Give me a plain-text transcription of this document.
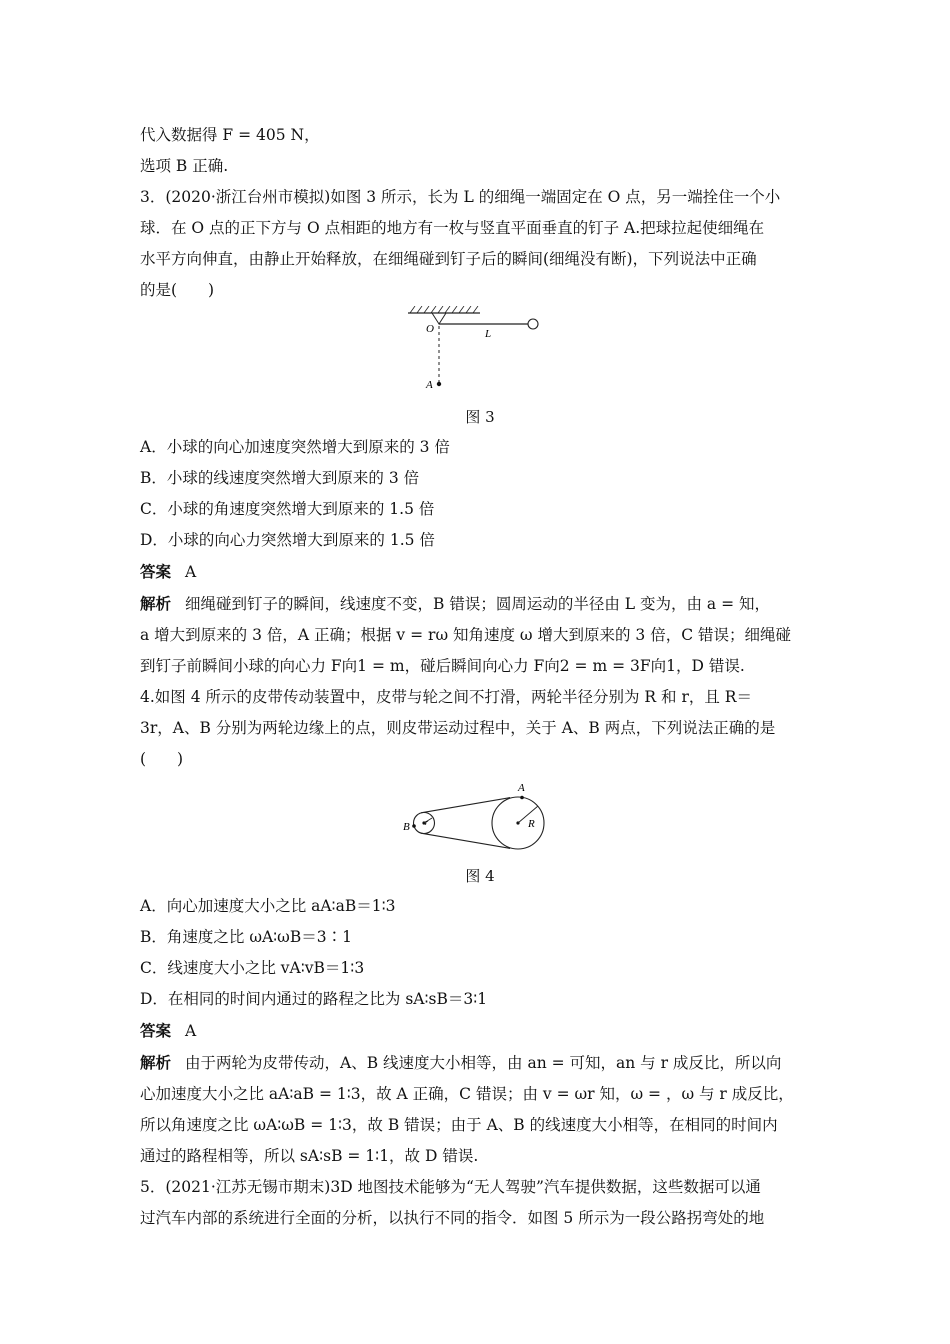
代入数据得 F = 405 N，
选项 B 正确.
3．(2020·浙江台州市模拟)如图 3 所示，长为 L 的细绳一端固定在 O 点，另一端拴住一个小
球．在 O 点的正下方与 O 点相距的地方有一枚与竖直平面垂直的钉子 A.把球拉起使细绳在
水平方向伸直，由静止开始释放，在细绳碰到钉子后的瞬间(细绳没有断)，下列说法中正确
的是(　　)
O	L
A
图 3
A．小球的向心加速度突然增大到原来的 3 倍
B．小球的线速度突然增大到原来的 3 倍
C．小球的角速度突然增大到原来的 1.5 倍
D．小球的向心力突然增大到原来的 1.5 倍
答案 A
解析 细绳碰到钉子的瞬间，线速度不变，B 错误；圆周运动的半径由 L 变为，由 a = 知，
a 增大到原来的 3 倍，A 正确；根据 v = rω 知角速度 ω 增大到原来的 3 倍，C 错误；细绳碰
到钉子前瞬间小球的向心力 F向1 = m，碰后瞬间向心力 F向2 = m = 3F向1，D 错误.
4.如图 4 所示的皮带传动装置中，皮带与轮之间不打滑，两轮半径分别为 R 和 r，且 R＝
3r，A、B 分别为两轮边缘上的点，则皮带运动过程中，关于 A、B 两点，下列说法正确的是
(　　)
A
B	R
r
图 4
A．向心加速度大小之比 aA∶aB＝1∶3
B．角速度之比 ωA∶ωB＝3∶1
C．线速度大小之比 vA∶vB＝1∶3
D．在相同的时间内通过的路程之比为 sA∶sB＝3∶1
答案 A
解析 由于两轮为皮带传动，A、B 线速度大小相等，由 an = 可知，an 与 r 成反比，所以向
心加速度大小之比 aA∶aB = 1∶3，故 A 正确，C 错误；由 v = ωr 知，ω = ，ω 与 r 成反比，
所以角速度之比 ωA∶ωB = 1∶3，故 B 错误；由于 A、B 的线速度大小相等，在相同的时间内
通过的路程相等，所以 sA∶sB = 1∶1，故 D 错误.
5．(2021·江苏无锡市期末)3D 地图技术能够为“无人驾驶”汽车提供数据，这些数据可以通
过汽车内部的系统进行全面的分析，以执行不同的指令．如图 5 所示为一段公路拐弯处的地
